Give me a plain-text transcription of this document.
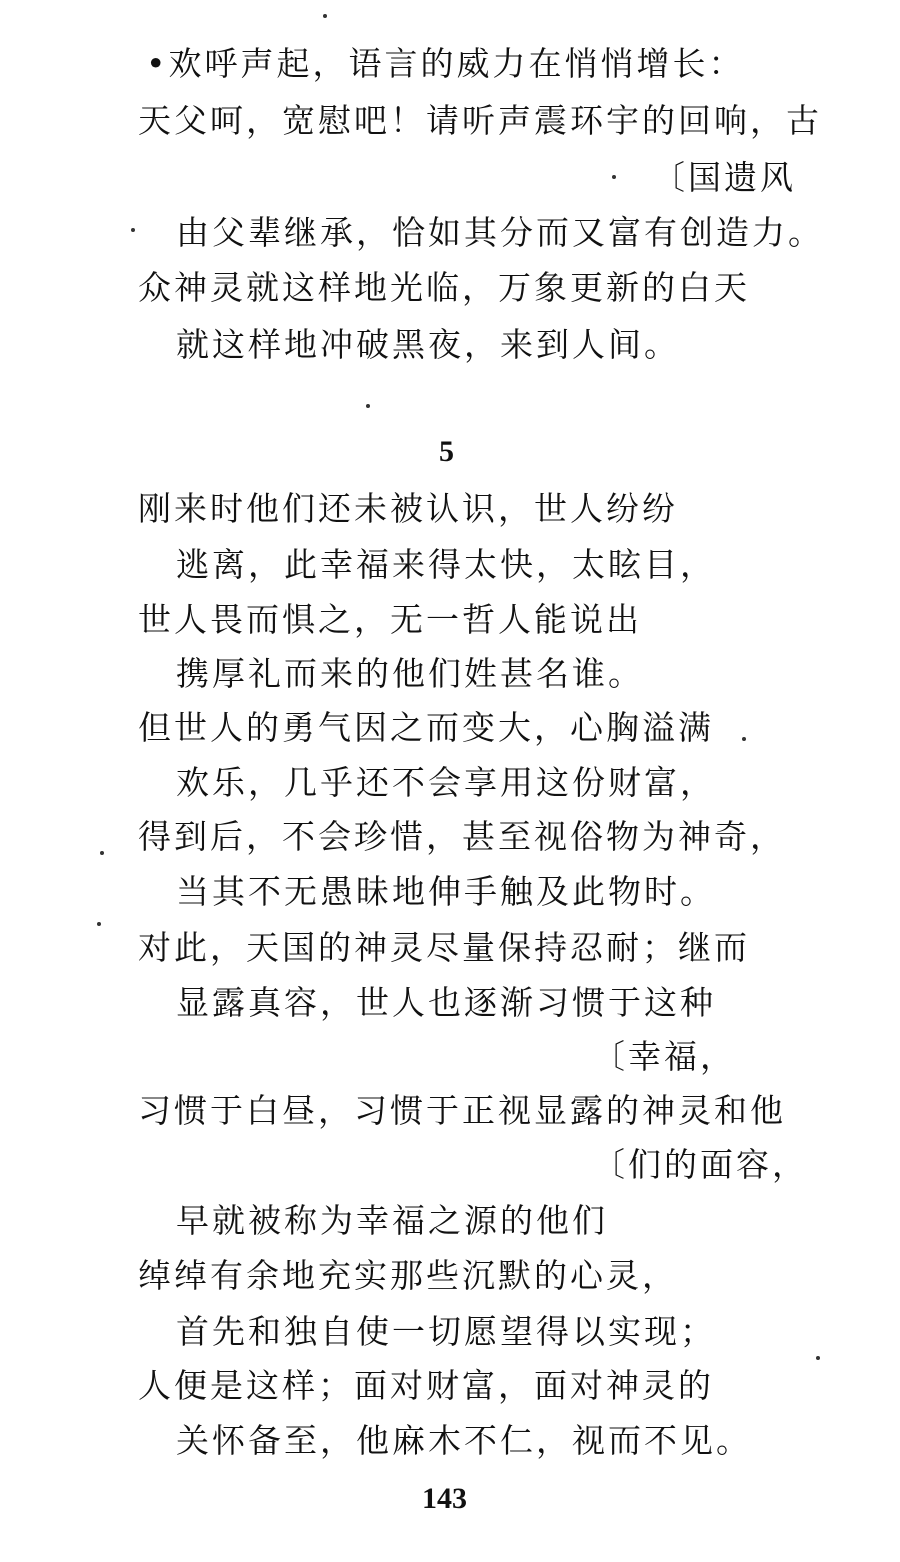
•欢呼声起，语言的威力在悄悄增长：
天父呵，宽慰吧！请听声震环宇的回响，古
〔国遗风
由父辈继承，恰如其分而又富有创造力。
众神灵就这样地光临，万象更新的白天
就这样地冲破黑夜，来到人间。
5
刚来时他们还未被认识，世人纷纷
逃离，此幸福来得太快，太眩目，
世人畏而惧之，无一哲人能说出
携厚礼而来的他们姓甚名谁。
但世人的勇气因之而变大，心胸溢满
欢乐，几乎还不会享用这份财富，
得到后，不会珍惜，甚至视俗物为神奇，
当其不无愚昧地伸手触及此物时。
对此，天国的神灵尽量保持忍耐；继而
显露真容，世人也逐渐习惯于这种
〔幸福，
习惯于白昼，习惯于正视显露的神灵和他
〔们的面容，
早就被称为幸福之源的他们
绰绰有余地充实那些沉默的心灵，
首先和独自使一切愿望得以实现；
人便是这样；面对财富，面对神灵的
关怀备至，他麻木不仁，视而不见。
143
